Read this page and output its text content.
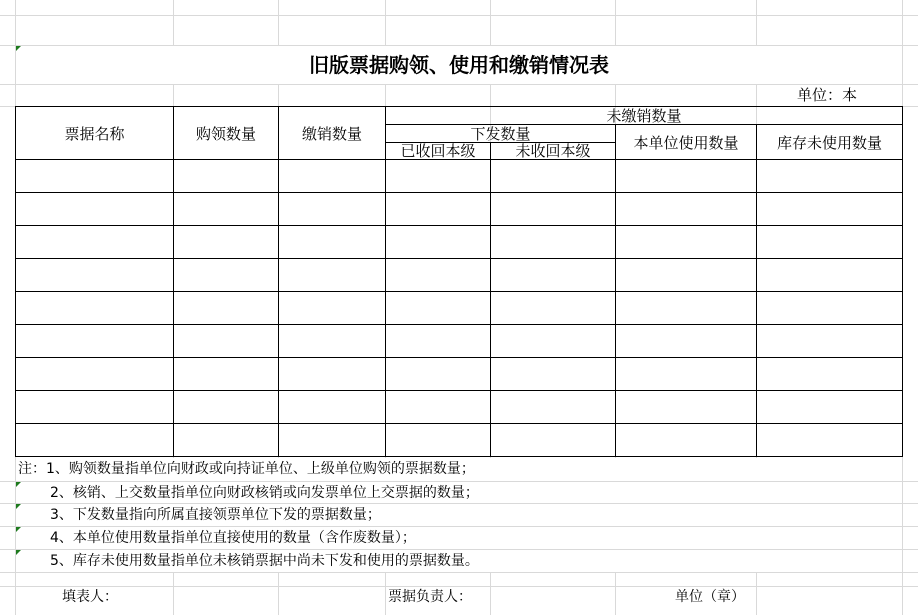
旧版票据购领、使用和缴销情况表
单位：本
票据名称	购领数量	缴销数量	未缴销数量			
			下发数量		本单位使用数量	库存未使用数量
			已收回本级	未收回本级		

注：1、购领数量指单位向财政或向持证单位、上级单位购领的票据数量；
2、核销、上交数量指单位向财政核销或向发票单位上交票据的数量；
3、下发数量指向所属直接领票单位下发的票据数量；
4、本单位使用数量指单位直接使用的数量（含作废数量）；
5、库存未使用数量指单位未核销票据中尚未下发和使用的票据数量。
填表人：	票据负责人：	单位（章）
